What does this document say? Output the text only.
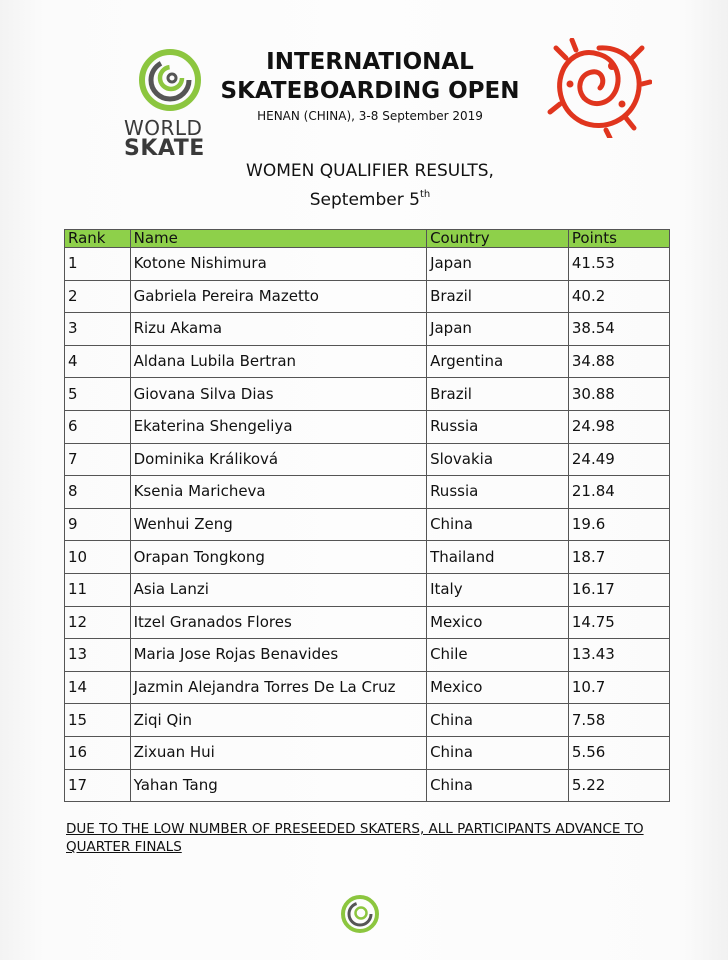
WORLD
SKATE
INTERNATIONAL
SKATEBOARDING OPEN
HENAN (CHINA), 3-8 September 2019
WOMEN QUALIFIER RESULTS,
September 5th
Rank	Name	Country	Points
1	Kotone Nishimura	Japan	41.53
2	Gabriela Pereira Mazetto	Brazil	40.2
3	Rizu Akama	Japan	38.54
4	Aldana Lubila Bertran	Argentina	34.88
5	Giovana Silva Dias	Brazil	30.88
6	Ekaterina Shengeliya	Russia	24.98
7	Dominika Králiková	Slovakia	24.49
8	Ksenia Maricheva	Russia	21.84
9	Wenhui Zeng	China	19.6
10	Orapan Tongkong	Thailand	18.7
11	Asia Lanzi	Italy	16.17
12	Itzel Granados Flores	Mexico	14.75
13	Maria Jose Rojas Benavides	Chile	13.43
14	Jazmin Alejandra Torres De La Cruz	Mexico	10.7
15	Ziqi Qin	China	7.58
16	Zixuan Hui	China	5.56
17	Yahan Tang	China	5.22
DUE TO THE LOW NUMBER OF PRESEEDED SKATERS, ALL PARTICIPANTS ADVANCE TO QUARTER FINALS
